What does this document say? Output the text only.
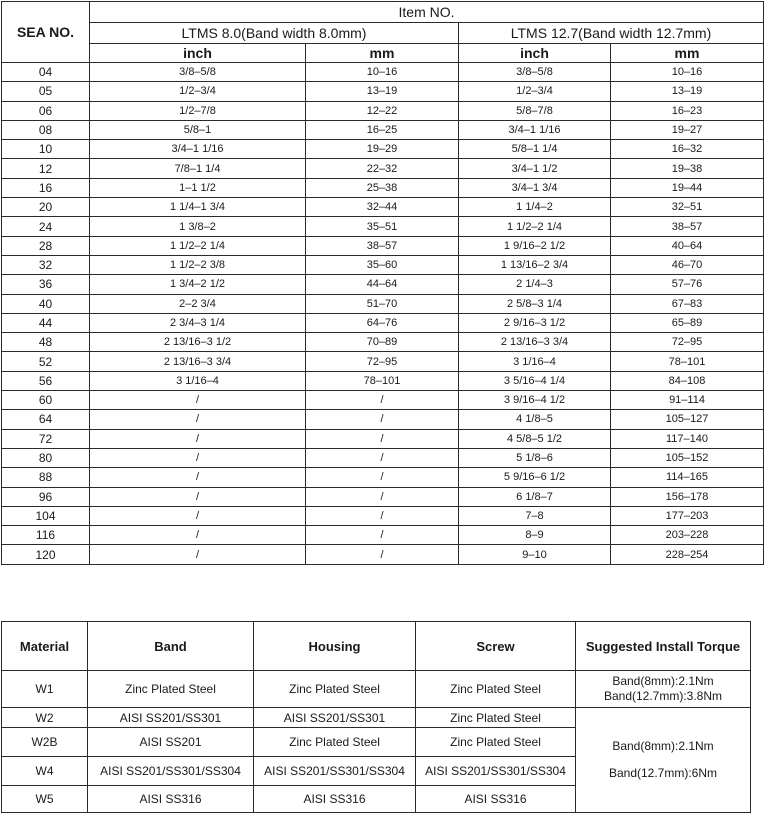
SEA NO.	Item NO.			
	LTMS 8.0(Band width 8.0mm)		LTMS 12.7(Band width 12.7mm)	
	inch	mm	inch	mm
04	3/8–5/8	10–16	3/8–5/8	10–16
05	1/2–3/4	13–19	1/2–3/4	13–19
06	1/2–7/8	12–22	5/8–7/8	16–23
08	5/8–1	16–25	3/4–1 1/16	19–27
10	3/4–1 1/16	19–29	5/8–1 1/4	16–32
12	7/8–1 1/4	22–32	3/4–1 1/2	19–38
16	1–1 1/2	25–38	3/4–1 3/4	19–44
20	1 1/4–1 3/4	32–44	1 1/4–2	32–51
24	1 3/8–2	35–51	1 1/2–2 1/4	38–57
28	1 1/2–2 1/4	38–57	1 9/16–2 1/2	40–64
32	1 1/2–2 3/8	35–60	1 13/16–2 3/4	46–70
36	1 3/4–2 1/2	44–64	2 1/4–3	57–76
40	2–2 3/4	51–70	2 5/8–3 1/4	67–83
44	2 3/4–3 1/4	64–76	2 9/16–3 1/2	65–89
48	2 13/16–3 1/2	70–89	2 13/16–3 3/4	72–95
52	2 13/16–3 3/4	72–95	3 1/16–4	78–101
56	3 1/16–4	78–101	3 5/16–4 1/4	84–108
60	/	/	3 9/16–4 1/2	91–114
64	/	/	4 1/8–5	105–127
72	/	/	4 5/8–5 1/2	117–140
80	/	/	5 1/8–6	105–152
88	/	/	5 9/16–6 1/2	114–165
96	/	/	6 1/8–7	156–178
104	/	/	7–8	177–203
116	/	/	8–9	203–228
120	/	/	9–10	228–254
Material	Band	Housing	Screw	Suggested Install Torque
W1	Zinc Plated Steel	Zinc Plated Steel	Zinc Plated Steel	Band(8mm):2.1Nm
Band(12.7mm):3.8Nm

W2	AISI SS201/SS301	AISI SS201/SS301	Zinc Plated Steel	Band(8mm):2.1Nm
Band(12.7mm):6Nm

W2B	AISI SS201	Zinc Plated Steel	Zinc Plated Steel	
W4	AISI SS201/SS301/SS304	AISI SS201/SS301/SS304	AISI SS201/SS301/SS304	
W5	AISI SS316	AISI SS316	AISI SS316	
